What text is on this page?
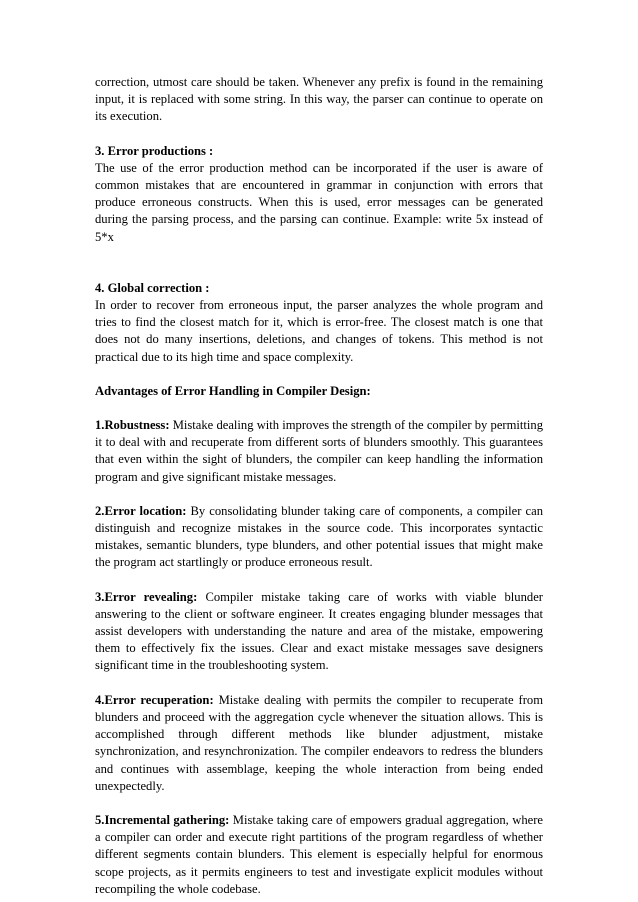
correction, utmost care should be taken. Whenever any prefix is found in the remaining input, it is replaced with some string. In this way, the parser can continue to operate on its execution.

3. Error productions :
The use of the error production method can be incorporated if the user is aware of common mistakes that are encountered in grammar in conjunction with errors that produce erroneous constructs. When this is used, error messages can be generated during the parsing process, and the parsing can continue. Example: write 5x instead of 5*x

4. Global correction :
In order to recover from erroneous input, the parser analyzes the whole program and tries to find the closest match for it, which is error-free. The closest match is one that does not do many insertions, deletions, and changes of tokens. This method is not practical due to its high time and space complexity.

Advantages of Error Handling in Compiler Design:

1.Robustness: Mistake dealing with improves the strength of the compiler by permitting it to deal with and recuperate from different sorts of blunders smoothly. This guarantees that even within the sight of blunders, the compiler can keep handling the information program and give significant mistake messages.

2.Error location: By consolidating blunder taking care of components, a compiler can distinguish and recognize mistakes in the source code. This incorporates syntactic mistakes, semantic blunders, type blunders, and other potential issues that might make the program act startlingly or produce erroneous result.

3.Error revealing: Compiler mistake taking care of works with viable blunder answering to the client or software engineer. It creates engaging blunder messages that assist developers with understanding the nature and area of the mistake, empowering them to effectively fix the issues. Clear and exact mistake messages save designers significant time in the troubleshooting system.

4.Error recuperation: Mistake dealing with permits the compiler to recuperate from blunders and proceed with the aggregation cycle whenever the situation allows. This is accomplished through different methods like blunder adjustment, mistake synchronization, and resynchronization. The compiler endeavors to redress the blunders and continues with assemblage, keeping the whole interaction from being ended unexpectedly.

5.Incremental gathering: Mistake taking care of empowers gradual aggregation, where a compiler can order and execute right partitions of the program regardless of whether different segments contain blunders. This element is especially helpful for enormous scope projects, as it permits engineers to test and investigate explicit modules without recompiling the whole codebase.
